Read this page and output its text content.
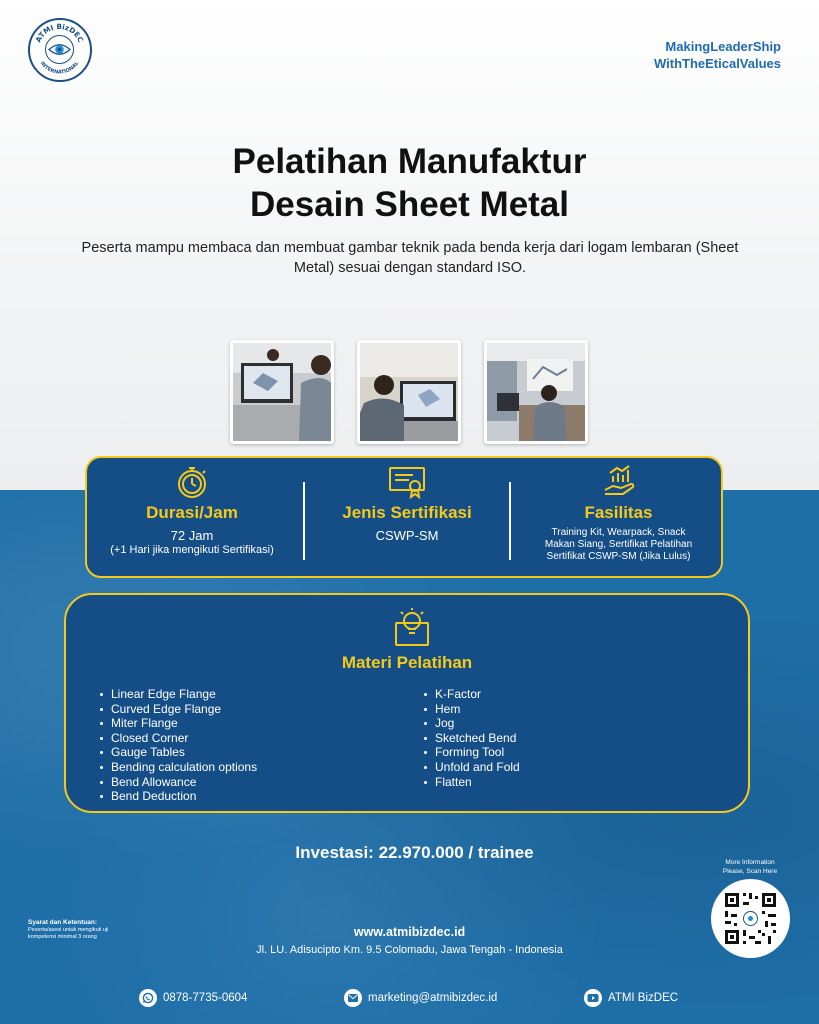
ATMI BizDEC
INTERNATIONAL
MakingLeaderShip
WithTheEticalValues
Pelatihan Manufaktur
Desain Sheet Metal
Peserta mampu membaca dan membuat gambar teknik pada benda kerja dari logam lembaran (Sheet Metal) sesuai dengan standard ISO.
Durasi/Jam
72 Jam
(+1 Hari jika mengikuti Sertifikasi)
Jenis Sertifikasi
CSWP-SM
Fasilitas
Training Kit, Wearpack, Snack
Makan Siang, Sertifikat Pelatihan
Sertifikat CSWP-SM (Jika Lulus)
Materi Pelatihan
Linear Edge Flange
Curved Edge Flange
Miter Flange
Closed Corner
Gauge Tables
Bending calculation options
Bend Allowance
Bend Deduction
K-Factor
Hem
Jog
Sketched Bend
Forming Tool
Unfold and Fold
Flatten
Investasi: 22.970.000 / trainee
More Information
Please, Scan Here
Syarat dan Ketentuan:
Peserta/asesi untuk mengikuti uji
kompetensi minimal 3 orang	www.atmibizdec.id
Jl. LU. Adisucipto Km. 9.5 Colomadu, Jawa Tengah - Indonesia
0878-7735-0604	marketing@atmibizdec.id	ATMI BizDEC
